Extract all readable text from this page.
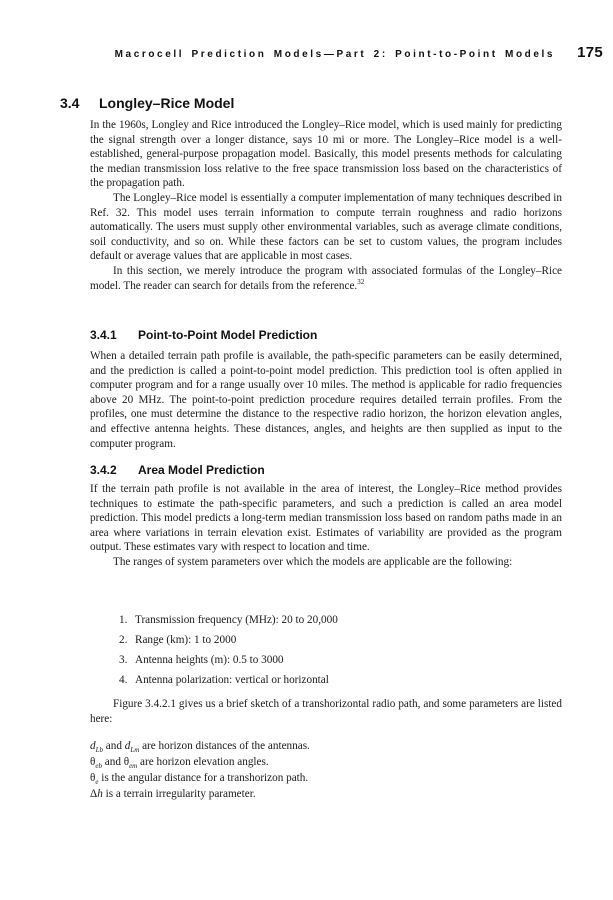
Macrocell Prediction Models—Part 2: Point-to-Point Models 175
3.4 Longley–Rice Model

In the 1960s, Longley and Rice introduced the Longley–Rice model, which is used mainly for predicting the signal strength over a longer distance, says 10 mi or more. The Longley–Rice model is a well-established, general-purpose propagation model. Basically, this model presents methods for calculating the median transmission loss relative to the free space transmission loss based on the characteristics of the propagation path.

The Longley–Rice model is essentially a computer implementation of many techniques described in Ref. 32. This model uses terrain information to compute terrain roughness and radio horizons automatically. The users must supply other environmental variables, such as average climate conditions, soil conductivity, and so on. While these factors can be set to custom values, the program includes default or average values that are applicable in most cases.

In this section, we merely introduce the program with associated formulas of the Longley–Rice model. The reader can search for details from the reference.$^{32}$

3.4.1 Point-to-Point Model Prediction

When a detailed terrain path profile is available, the path-specific parameters can be easily determined, and the prediction is called a point-to-point model prediction. This prediction tool is often applied in computer program and for a range usually over 10 miles. The method is applicable for radio frequencies above 20 MHz. The point-to-point prediction procedure requires detailed terrain profiles. From the profiles, one must determine the distance to the respective radio horizon, the horizon elevation angles, and effective antenna heights. These distances, angles, and heights are then supplied as input to the computer program.

3.4.2 Area Model Prediction

If the terrain path profile is not available in the area of interest, the Longley–Rice method provides techniques to estimate the path-specific parameters, and such a prediction is called an area model prediction. This model predicts a long-term median transmission loss based on random paths made in an area where variations in terrain elevation exist. Estimates of variability are provided as the program output. These estimates vary with respect to location and time.

The ranges of system parameters over which the models are applicable are the following:

1. Transmission frequency (MHz): 20 to 20,000
2. Range (km): 1 to 2000
3. Antenna heights (m): 0.5 to 3000
4. Antenna polarization: vertical or horizontal

Figure 3.4.2.1 gives us a brief sketch of a transhorizontal radio path, and some parameters are listed here:

$d_{Lb}$ and $d_{Lm}$ are horizon distances of the antennas.
$\theta_{eb}$ and $\theta_{em}$ are horizon elevation angles.
$\theta_e$ is the angular distance for a transhorizon path.
Δh is a terrain irregularity parameter.
